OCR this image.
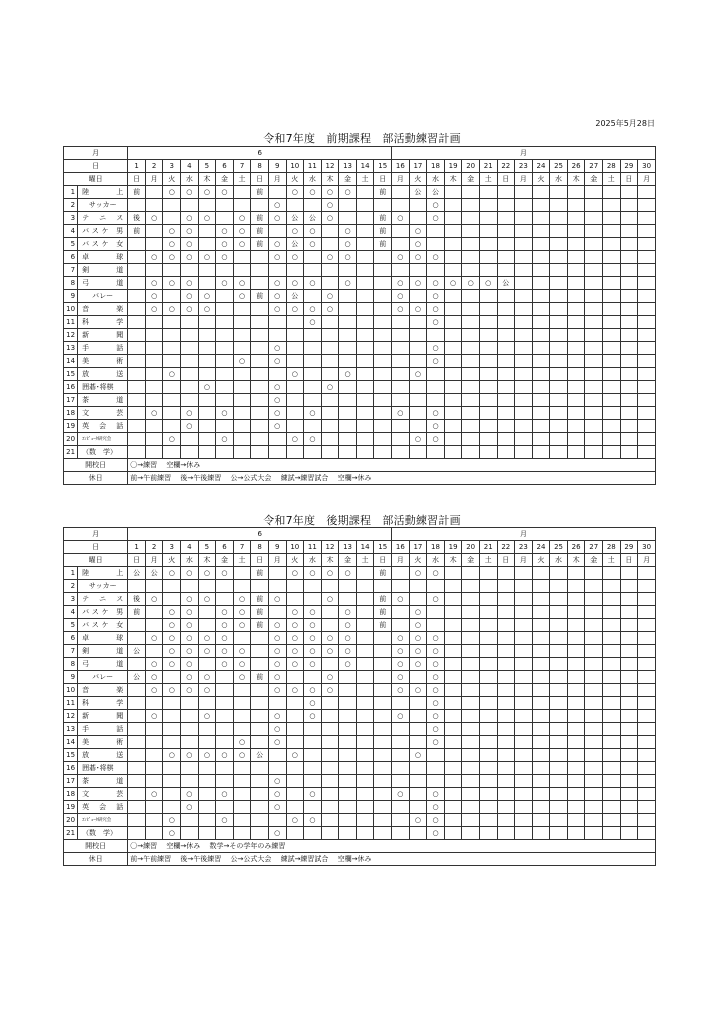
2025年5月28日
令和7年度　前期課程　部活動練習計画
月		6															月														
日		1	2	3	4	5	6	7	8	9	10	11	12	13	14	15	16	17	18	19	20	21	22	23	24	25	26	27	28	29	30
曜日		日	月	火	水	木	金	土	日	月	火	水	木	金	土	日	月	火	水	木	金	土	日	月	火	水	木	金	土	日	月
1	陸　上	前		○	○	○	○		前		○	○	○	○		前		公	公												
2	サッカー									○			○						○												
3	テ ニ ス	後	○		○	○		○	前	○	公	公	○			前	○		○												
4	バスケ 男	前		○	○		○	○	前		○	○		○		前		○													
5	バスケ 女			○	○		○	○	前	○	公	○		○		前		○													
6	卓　球		○	○	○	○	○			○	○		○	○			○	○	○												
7	剣　道																														
8	弓　道		○	○	○		○	○		○	○	○		○			○	○	○	○	○	○	公								
9	バレー		○		○	○		○	前	○	公		○				○		○												
10	音　楽		○	○	○	○				○	○	○	○				○	○	○												
11	科　学											○							○												
12	新　聞																														
13	手　話									○									○												
14	美　術							○		○									○												
15	放　送			○							○			○				○													
16	囲碁･将棋					○				○			○																		
17	茶　道									○																					
18	文　芸		○		○		○			○		○					○		○												
19	英 会 話				○					○									○												
20	ｺﾝﾋﾟｭｰﾀ研究会			○			○				○	○						○	○												
21	（数　学）																														
開校日		〇→練習　 空欄→休み																													
休日		前→午前練習　 後→午後練習　 公→公式大会　 練試→練習試合　 空欄→休み																													
令和7年度　後期課程　部活動練習計画
月		6															月														
日		1	2	3	4	5	6	7	8	9	10	11	12	13	14	15	16	17	18	19	20	21	22	23	24	25	26	27	28	29	30
曜日		日	月	火	水	木	金	土	日	月	火	水	木	金	土	日	月	火	水	木	金	土	日	月	火	水	木	金	土	日	月
1	陸　上	公	公	○	○	○	○		前		○	○	○	○		前		○	○												
2	サッカー																														
3	テ ニ ス	後	○		○	○		○	前	○			○			前	○		○												
4	バスケ 男	前		○	○		○	○	前		○	○		○		前		○													
5	バスケ 女			○	○		○	○	前	○	○	○		○		前		○													
6	卓　球		○	○	○	○	○			○	○	○	○	○			○	○	○												
7	剣　道	公		○	○	○	○	○		○	○	○	○	○			○	○	○												
8	弓　道		○	○	○		○	○		○	○	○		○			○	○	○												
9	バレー	公	○		○	○		○	前	○			○				○		○												
10	音　楽		○	○	○	○				○	○	○	○				○	○	○												
11	科　学											○							○												
12	新　聞		○			○				○		○					○		○												
13	手　話									○									○												
14	美　術							○		○									○												
15	放　送			○	○	○	○	○	公		○							○													
16	囲碁･将棋																														
17	茶　道									○																					
18	文　芸		○		○		○			○		○					○		○												
19	英 会 話				○					○									○												
20	ｺﾝﾋﾟｭｰﾀ研究会			○			○				○	○						○	○												
21	（数　学）			○						○									○												
開校日		〇→練習　 空欄→休み　 数学→その学年のみ練習																													
休日		前→午前練習　 後→午後練習　 公→公式大会　 練試→練習試合　 空欄→休み																													
